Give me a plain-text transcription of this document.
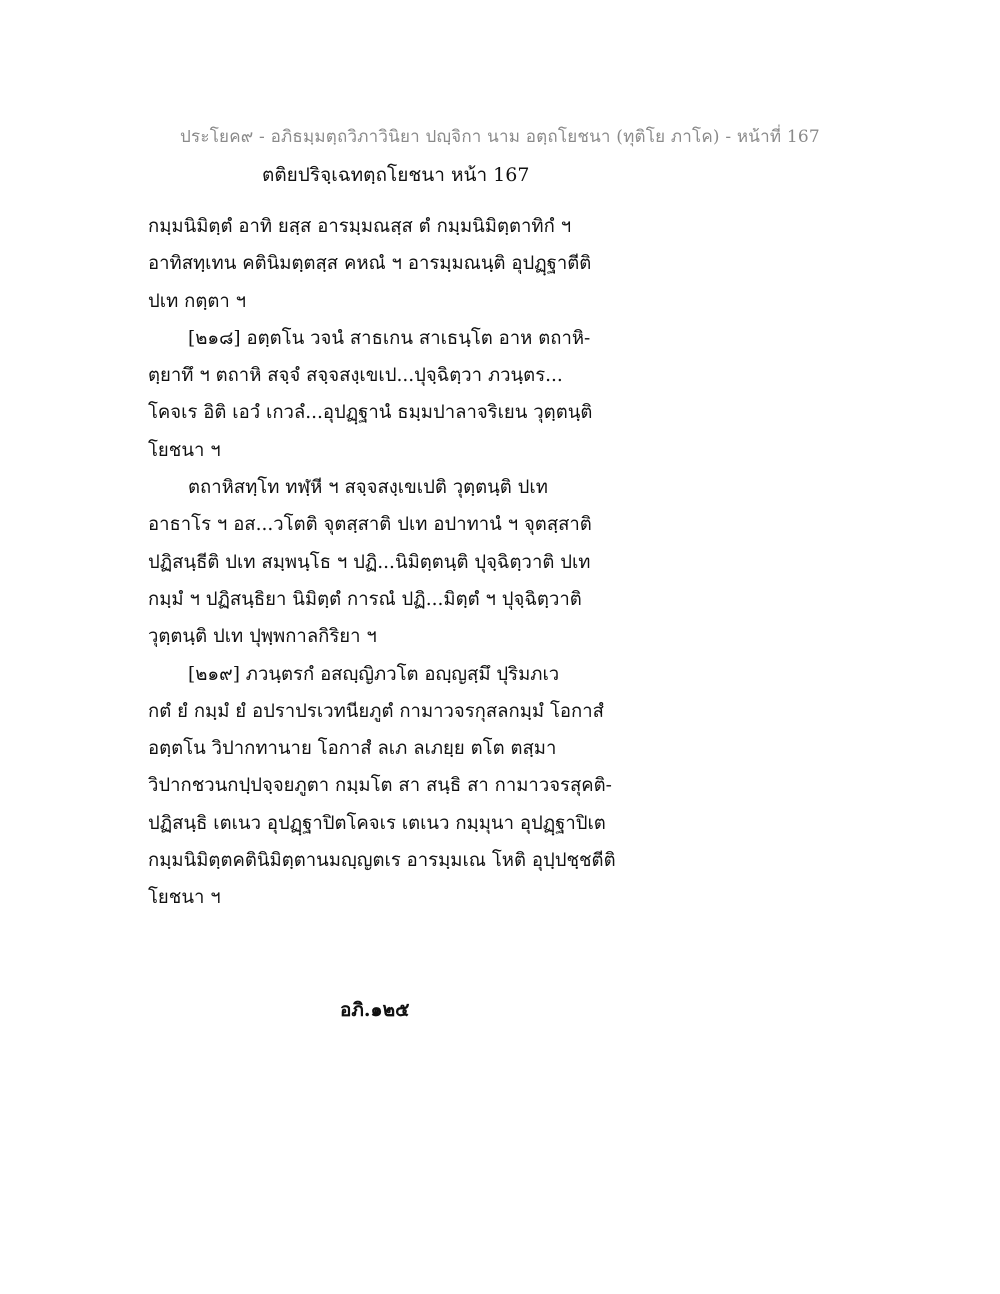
ประโยค๙ - อภิธมฺมตฺถวิภาวินิยา ปญฺจิกา นาม อตฺถโยชนา (ทุติโย ภาโค) - หน้าที่ 167
ตติยปริจฺเฉทตฺถโยชนา หน้า 167
กมฺมนิมิตฺตํ อาทิ ยสฺส อารมฺมณสฺส ตํ กมฺมนิมิตฺตาทิกํ ฯ
อาทิสทฺเทน คตินิมตฺตสฺส คหณํ ฯ อารมฺมณนฺติ อุปฏฺฐาตีติ
ปเท กตฺตา ฯ
[๒๑๘] อตฺตโน วจนํ สาธเกน สาเธนฺโต อาห ตถาหิ-
ตฺยาทึ ฯ ตถาหิ สจฺจํ สจฺจสงฺเขเป...ปุจฺฉิตฺวา ภวนฺตร...
โคจเร อิติ เอวํ เกวลํ...อุปฏฺฐานํ ธมฺมปาลาจริเยน วุตฺตนฺติ
โยชนา ฯ
ตถาหิสทฺโท ทฬฺหี ฯ สจฺจสงฺเขเปติ วุตฺตนฺติ ปเท
อาธาโร ฯ อส...วโตติ จุตสฺสาติ ปเท อปาทานํ ฯ จุตสฺสาติ
ปฏิสนฺธีติ ปเท สมฺพนฺโธ ฯ ปฏิ...นิมิตฺตนฺติ ปุจฺฉิตฺวาติ ปเท
กมฺมํ ฯ ปฏิสนฺธิยา นิมิตฺตํ การณํ ปฏิ...มิตฺตํ ฯ ปุจฺฉิตฺวาติ
วุตฺตนฺติ ปเท ปุพฺพกาลกิริยา ฯ
[๒๑๙] ภวนฺตรกํ อสญฺญิภวโต อญฺญสฺมึ ปุริมภเว
กตํ ยํ กมฺมํ ยํ อปราปรเวทนียภูตํ กามาวจรกุสลกมฺมํ โอกาสํ
อตฺตโน วิปากทานาย โอกาสํ ลเภ ลเภยฺย ตโต ตสฺมา
วิปากชวนกปฺปจฺจยภูตา กมฺมโต สา สนฺธิ สา กามาวจรสุคติ-
ปฏิสนฺธิ เตเนว อุปฏฺฐาปิตโคจเร เตเนว กมฺมุนา อุปฏฺฐาปิเต
กมฺมนิมิตฺตคตินิมิตฺตานมญฺญตเร อารมฺมเณ โหติ อุปฺปชฺชตีติ
โยชนา ฯ
อภิ.๑๒๕
